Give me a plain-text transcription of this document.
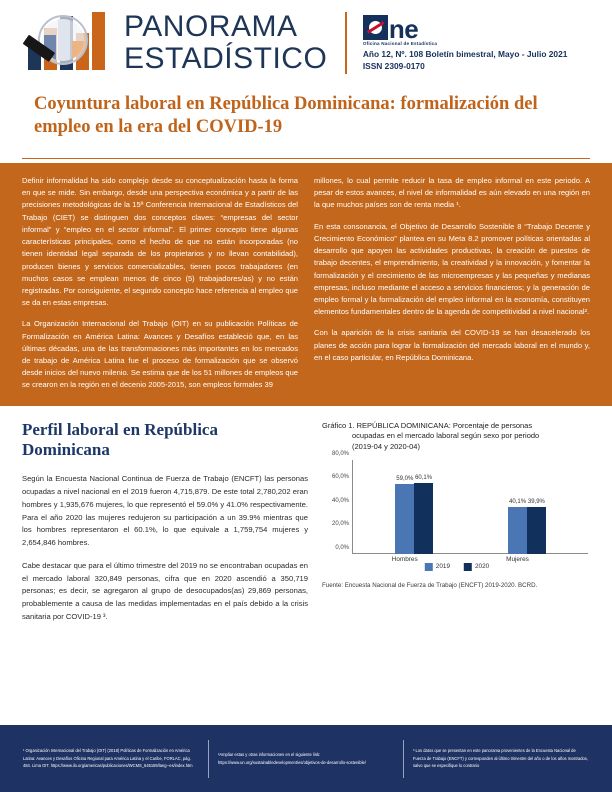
PANORAMA
ESTADÍSTICO
ne
Oficina Nacional de Estadística
Año 12, Nº. 108 Boletín bimestral, Mayo - Julio 2021
ISSN 2309-0170
Coyuntura laboral en República Dominicana: formalización del empleo en la era del COVID-19

Definir informalidad ha sido complejo desde su conceptualización hasta la forma en que se mide. Sin embargo, desde una perspectiva económica y a partir de las precisiones metodológicas de la 15ª Conferencia Internacional de Estadísticos del Trabajo (CIET) se distinguen dos conceptos claves: “empresas del sector informal” y “empleo en el sector informal”. El primer concepto tiene algunas características principales, como el hecho de que no están incorporadas (no tienen identidad legal separada de los propietarios y no llevan contabilidad), producen bienes y servicios comercializables, tienen pocos trabajadores (en muchos casos se emplean menos de cinco (5) trabajadores/as) y no están registradas. Por consiguiente, el segundo concepto hace referencia al empleo que se da en estas empresas.

La Organización Internacional del Trabajo (OIT) en su publicación Políticas de Formalización en América Latina: Avances y Desafíos estableció que, en las últimas décadas, una de las transformaciones más importantes en los mercados de trabajo de América Latina fue el proceso de formalización que se observó desde inicios del nuevo milenio. Se estima que de los 51 millones de empleos que se crearon en la región en el decenio 2005-2015, son empleos formales 39

millones, lo cual permite reducir la tasa de empleo informal en este periodo. A pesar de estos avances, el nivel de informalidad es aún elevado en una región en la que muchos países son de renta media ¹.

En esta consonancia, el Objetivo de Desarrollo Sostenible 8 “Trabajo Decente y Crecimiento Económico” plantea en su Meta 8.2 promover políticas orientadas al desarrollo que apoyen las actividades productivas, la creación de puestos de trabajo decentes, el emprendimiento, la creatividad y la innovación, y fomentar la formalización y el crecimiento de las microempresas y las pequeñas y medianas empresas, incluso mediante el acceso a servicios financieros; y la generación de empleo formal y la formalización del empleo informal en la economía, constituyen elementos fundamentales dentro de la agenda de competitividad a nivel nacional².

Con la aparición de la crisis sanitaria del COVID-19 se han desacelerado los planes de acción para lograr la formalización del mercado laboral en el mundo y, en el caso particular, en República Dominicana.

Perfil laboral en República Dominicana

Según la Encuesta Nacional Continua de Fuerza de Trabajo (ENCFT) las personas ocupadas a nivel nacional en el 2019 fueron 4,715,879. De este total 2,780,202 eran hombres y 1,935,676 mujeres, lo que representó el 59.0% y 41.0% respectivamente. Para el año 2020 las mujeres redujeron su participación a un 39.9% mientras que los hombres representaron el 60.1%, lo que equivale a 1,759,754 mujeres y 2,654,846 hombres.

Cabe destacar que para el último trimestre del 2019 no se encontraban ocupadas en el mercado laboral 320,849 personas, cifra que en 2020 ascendió a 350,719 personas; es decir, se agregaron al grupo de desocupados(as) 29,869 personas, probablemente a causa de las medidas implementadas en el país debido a la crisis sanitaria por COVID-19 ³.

Gráfico 1. REPÚBLICA DOMINICANA: Porcentaje de personas
ocupadas en el mercado laboral según sexo por periodo
(2019-04 y 2020-04)
0,0%
20,0%
40,0%
60,0%
80,0%
59,0% 60,1%
40,1% 39,9%
Hombres	Mujeres
2019	2020
Fuente: Encuesta Nacional de Fuerza de Trabajo (ENCFT) 2019-2020. BCRD.
¹ Organización Internacional del Trabajo (OIT) (2018) Políticas de Formalización en América Latina: Avances y Desafíos Oficina Regional para América Latina y el Caribe, FORLAC, pág. 484. Lima OIT. https://www.ilo.org/americas/publicaciones/WCMS_645189/lang--es/index.htm
²Ampliar estas y otras informaciones en el siguiente link: https://www.un.org/sustainabledevelopment/es/objetivos-de-desarrollo-sostenible/
³ Los datos que se presentan en este panorama provenientes de la Encuesta Nacional de Fuerza de Trabajo (ENCFT) y corresponden al último trimestre del año o de los años mostrados, salvo que se especifique lo contrario
